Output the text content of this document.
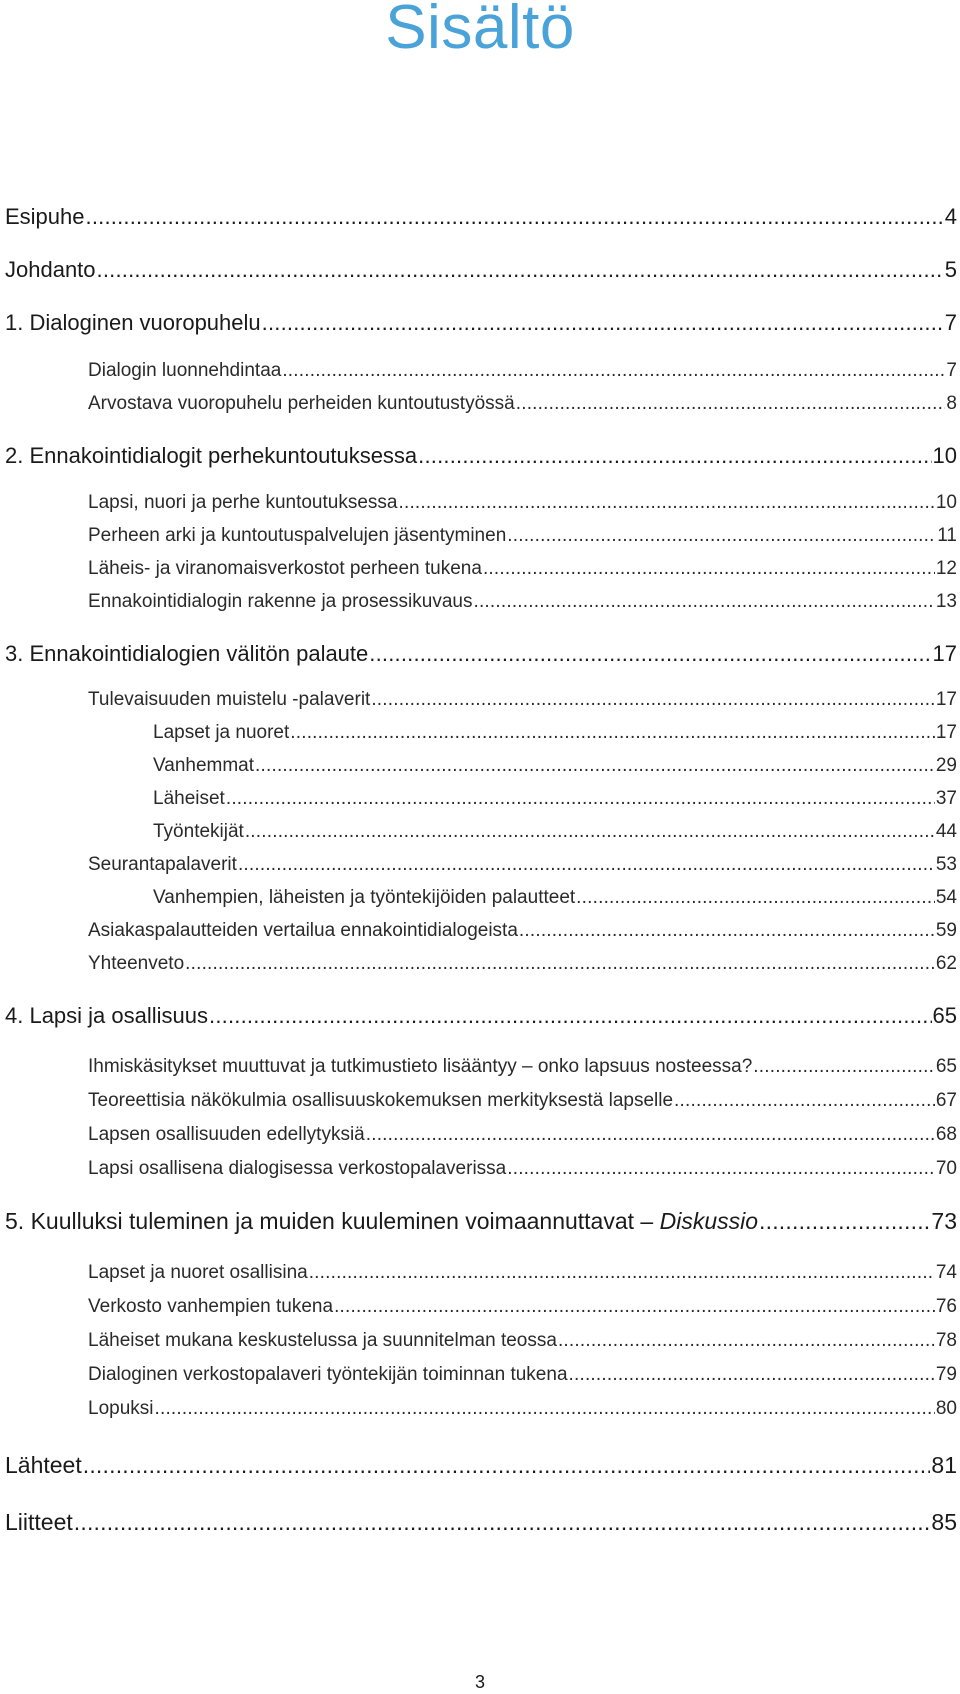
Sisältö
Esipuhe .....	4
Johdanto .....	5
1. Dialoginen vuoropuhelu .....	7
Dialogin luonnehdintaa .....	7
Arvostava vuoropuhelu perheiden kuntoutustyössä .....	8
2. Ennakointidialogit perhekuntoutuksessa .....	10
Lapsi, nuori ja perhe kuntoutuksessa .....	10
Perheen arki ja kuntoutuspalvelujen jäsentyminen .....	11
Läheis- ja viranomaisverkostot perheen tukena .....	12
Ennakointidialogin rakenne ja prosessikuvaus .....	13
3. Ennakointidialogien välitön palaute .....	17
Tulevaisuuden muistelu -palaverit .....	17
Lapset ja nuoret .....	17
Vanhemmat .....	29
Läheiset .....	37
Työntekijät .....	44
Seurantapalaverit .....	53
Vanhempien, läheisten ja työntekijöiden palautteet .....	54
Asiakaspalautteiden vertailua ennakointidialogeista .....	59
Yhteenveto .....	62
4. Lapsi ja osallisuus .....	65
Ihmiskäsitykset muuttuvat ja tutkimustieto lisääntyy – onko lapsuus nosteessa? .....	65
Teoreettisia näkökulmia osallisuuskokemuksen merkityksestä lapselle .....	67
Lapsen osallisuuden edellytyksiä .....	68
Lapsi osallisena dialogisessa verkostopalaverissa .....	70
5. Kuulluksi tuleminen ja muiden kuuleminen voimaannuttavat – Diskussio .....	73
Lapset ja nuoret osallisina .....	74
Verkosto vanhempien tukena .....	76
Läheiset mukana keskustelussa ja suunnitelman teossa .....	78
Dialoginen verkostopalaveri työntekijän toiminnan tukena .....	79
Lopuksi .....	80
Lähteet .....	81
Liitteet .....	85
3
